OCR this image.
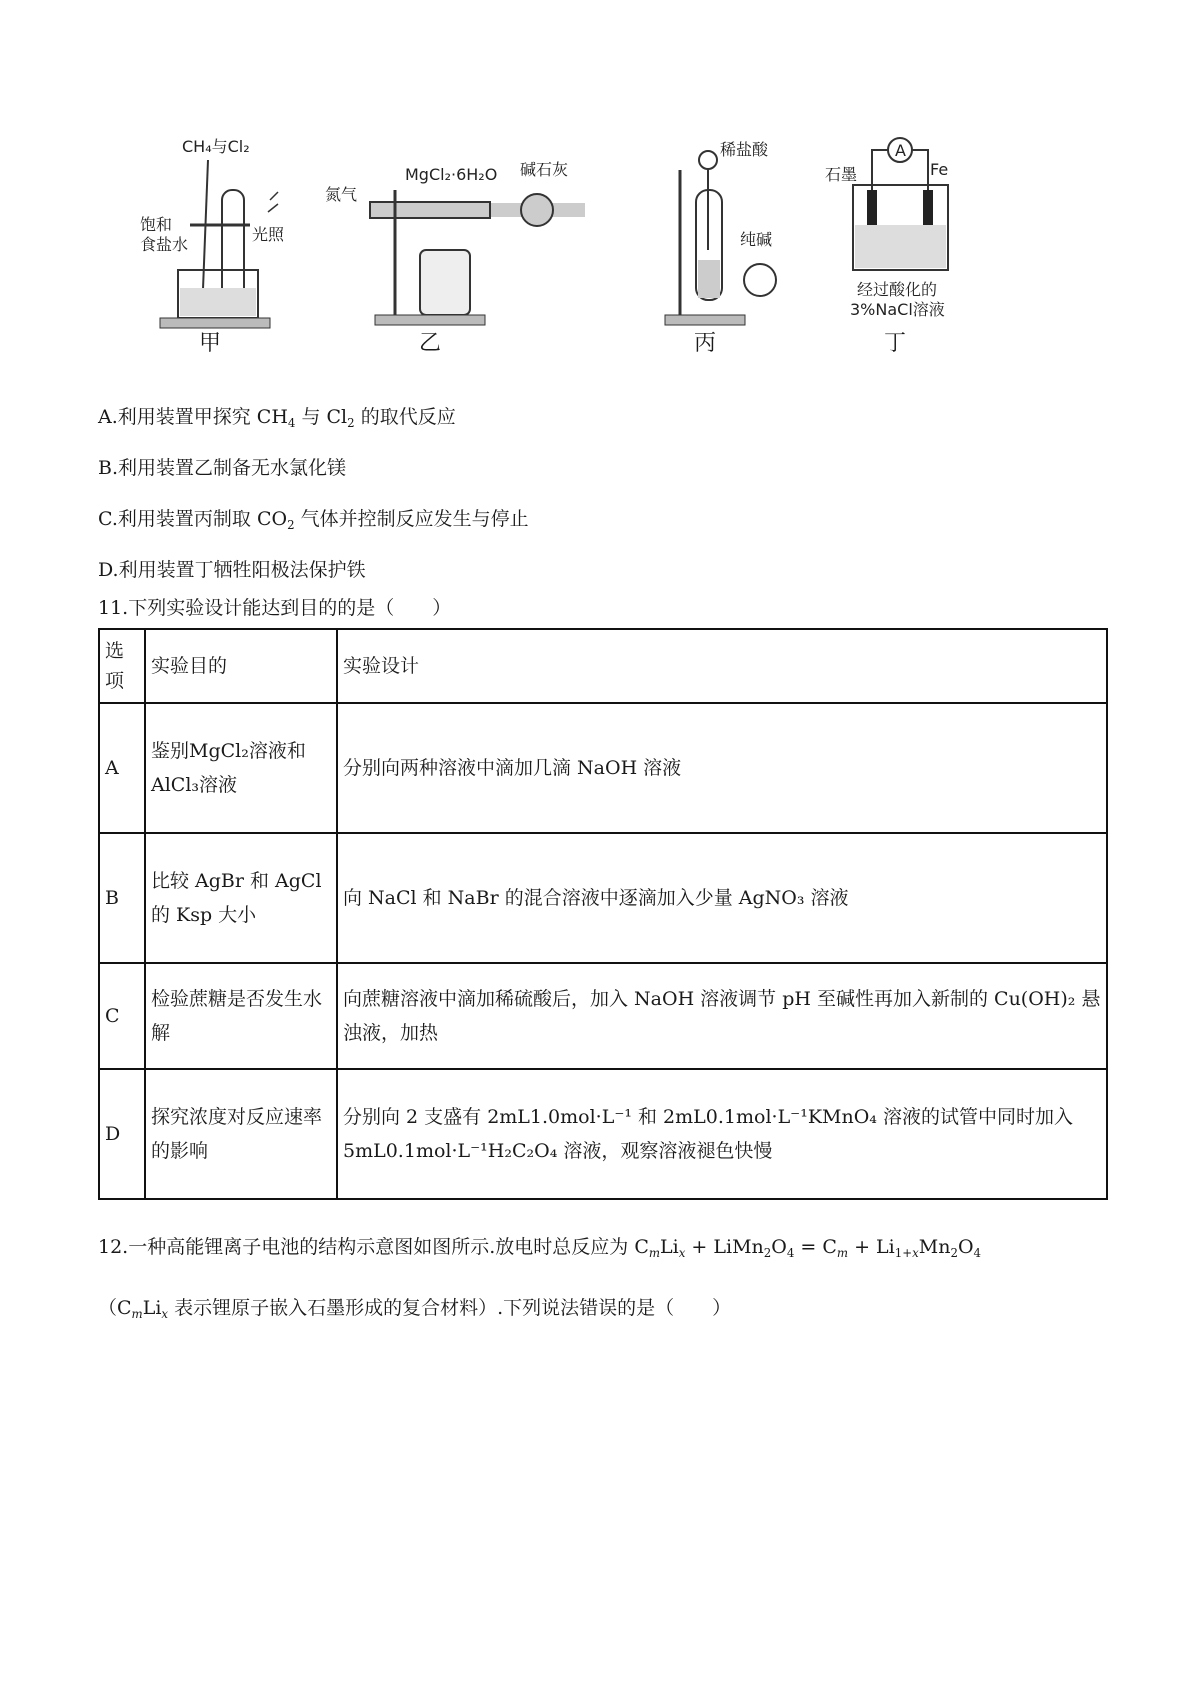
CH₄与Cl₂
饱和
食盐水
光照
甲
氮气
MgCl₂·6H₂O 碱石灰
乙
稀盐酸
纯碱
丙
石墨	Fe
A
经过酸化的
3%NaCl溶液
丁
A.利用装置甲探究 $CH_4$ 与 $Cl_2$ 的取代反应
B.利用装置乙制备无水氯化镁
C.利用装置丙制取 $CO_2$ 气体并控制反应发生与停止
D.利用装置丁牺牲阳极法保护铁
11.下列实验设计能达到目的的是（　　）
选项	实验目的	实验设计
A	鉴别MgCl₂溶液和AlCl₃溶液	分别向两种溶液中滴加几滴 NaOH 溶液
B	比较 AgBr 和 AgCl 的 Ksp 大小	向 NaCl 和 NaBr 的混合溶液中逐滴加入少量 AgNO₃ 溶液
C	检验蔗糖是否发生水解	向蔗糖溶液中滴加稀硫酸后，加入 NaOH 溶液调节 pH 至碱性再加入新制的 Cu(OH)₂ 悬浊液，加热
D	探究浓度对反应速率的影响	分别向 2 支盛有 2mL1.0mol·L⁻¹ 和 2mL0.1mol·L⁻¹KMnO₄ 溶液的试管中同时加入 5mL0.1mol·L⁻¹H₂C₂O₄ 溶液，观察溶液褪色快慢
12.一种高能锂离子电池的结构示意图如图所示.放电时总反应为 $C_mLi_x$ + $LiMn_2O_4 = C_m + Li_{1+x}Mn_2O_4$
（$C_mLi_x$ 表示锂原子嵌入石墨形成的复合材料）.下列说法错误的是（　　）
